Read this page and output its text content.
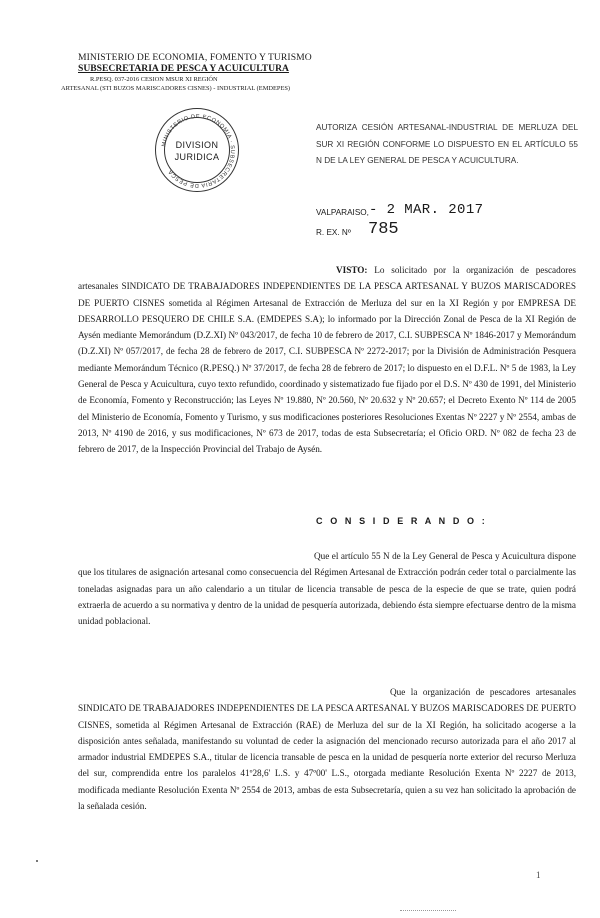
MINISTERIO DE ECONOMIA, FOMENTO Y TURISMO
SUBSECRETARIA DE PESCA Y ACUICULTURA
R.PESQ. 037-2016 CESION MSUR XI REGIÓN
ARTESANAL (STI BUZOS MARISCADORES CISNES) - INDUSTRIAL (EMDEPES)
MINISTERIO DE ECONOMIA · SUBSECRETARIA DE PESCA
DIVISION
JURIDICA
AUTORIZA CESIÓN ARTESANAL-INDUSTRIAL DE MERLUZA DEL SUR XI REGIÓN CONFORME LO DISPUESTO EN EL ARTÍCULO 55 N DE LA LEY GENERAL DE PESCA Y ACUICULTURA.
VALPARAISO, - 2 MAR. 2017
R. EX. Nº 785
VISTO: Lo solicitado por la organización de pescadores artesanales SINDICATO DE TRABAJADORES INDEPENDIENTES DE LA PESCA ARTESANAL Y BUZOS MARISCADORES DE PUERTO CISNES sometida al Régimen Artesanal de Extracción de Merluza del sur en la XI Región y por EMPRESA DE DESARROLLO PESQUERO DE CHILE S.A. (EMDEPES S.A); lo informado por la Dirección Zonal de Pesca de la XI Región de Aysén mediante Memorándum (D.Z.XI) Nº 043/2017, de fecha 10 de febrero de 2017, C.I. SUBPESCA Nº 1846-2017 y Memorándum (D.Z.XI) Nº 057/2017, de fecha 28 de febrero de 2017, C.I. SUBPESCA Nº 2272-2017; por la División de Administración Pesquera mediante Memorándum Técnico (R.PESQ.) Nº 37/2017, de fecha 28 de febrero de 2017; lo dispuesto en el D.F.L. Nº 5 de 1983, la Ley General de Pesca y Acuicultura, cuyo texto refundido, coordinado y sistematizado fue fijado por el D.S. Nº 430 de 1991, del Ministerio de Economía, Fomento y Reconstrucción; las Leyes Nº 19.880, Nº 20.560, Nº 20.632 y Nº 20.657; el Decreto Exento Nº 114 de 2005 del Ministerio de Economía, Fomento y Turismo, y sus modificaciones posteriores Resoluciones Exentas Nº 2227 y Nº 2554, ambas de 2013, Nº 4190 de 2016, y sus modificaciones, Nº 673 de 2017, todas de esta Subsecretaría; el Oficio ORD. Nº 082 de fecha 23 de febrero de 2017, de la Inspección Provincial del Trabajo de Aysén.
C O N S I D E R A N D O :
Que el artículo 55 N de la Ley General de Pesca y Acuicultura dispone que los titulares de asignación artesanal como consecuencia del Régimen Artesanal de Extracción podrán ceder total o parcialmente las toneladas asignadas para un año calendario a un titular de licencia transable de pesca de la especie de que se trate, quien podrá extraerla de acuerdo a su normativa y dentro de la unidad de pesquería autorizada, debiendo ésta siempre efectuarse dentro de la misma unidad poblacional.
Que la organización de pescadores artesanales SINDICATO DE TRABAJADORES INDEPENDIENTES DE LA PESCA ARTESANAL Y BUZOS MARISCADORES DE PUERTO CISNES, sometida al Régimen Artesanal de Extracción (RAE) de Merluza del sur de la XI Región, ha solicitado acogerse a la disposición antes señalada, manifestando su voluntad de ceder la asignación del mencionado recurso autorizada para el año 2017 al armador industrial EMDEPES S.A., titular de licencia transable de pesca en la unidad de pesquería norte exterior del recurso Merluza del sur, comprendida entre los paralelos 41º28,6' L.S. y 47º00' L.S., otorgada mediante Resolución Exenta Nº 2227 de 2013, modificada mediante Resolución Exenta Nº 2554 de 2013, ambas de esta Subsecretaría, quien a su vez han solicitado la aprobación de la señalada cesión.
1
